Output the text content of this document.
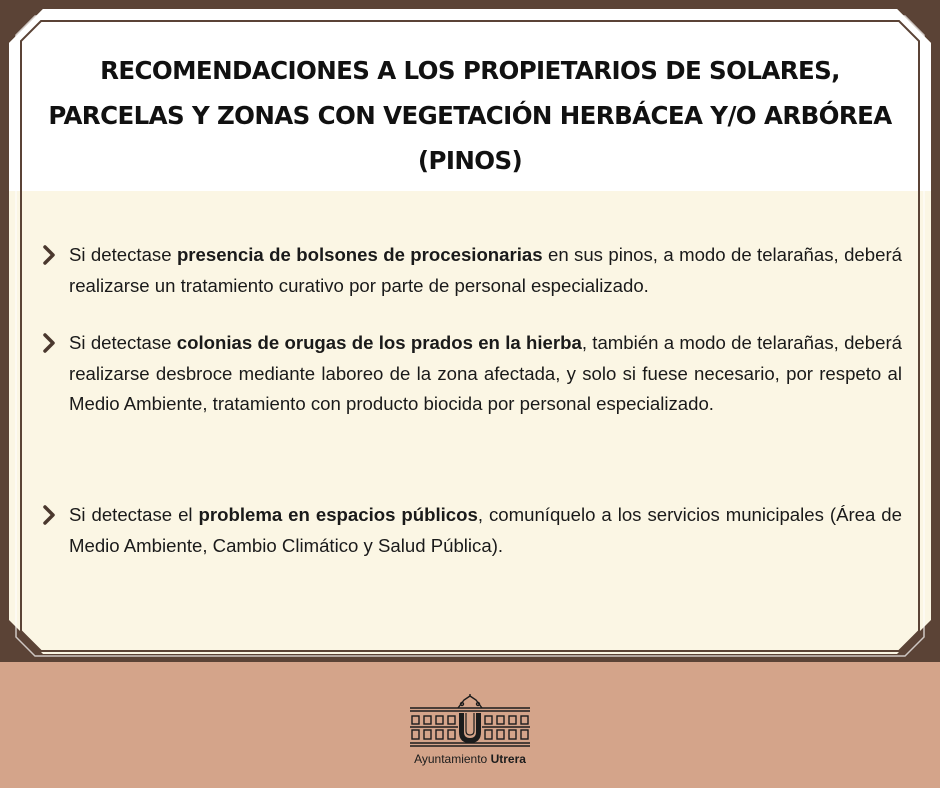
RECOMENDACIONES A LOS PROPIETARIOS DE SOLARES,
PARCELAS Y ZONAS CON VEGETACIÓN HERBÁCEA Y/O ARBÓREA
(PINOS)

Si detectase presencia de bolsones de procesionarias en sus pinos, a modo de telarañas, deberá realizarse un tratamiento curativo por parte de personal especializado.

Si detectase colonias de orugas de los prados en la hierba, también a modo de telarañas, deberá realizarse desbroce mediante laboreo de la zona afectada, y solo si fuese necesario, por respeto al Medio Ambiente, tratamiento con producto biocida por personal especializado.

Si detectase el problema en espacios públicos, comuníquelo a los servicios municipales (Área de Medio Ambiente, Cambio Climático y Salud Pública).

Ayuntamiento Utrera
